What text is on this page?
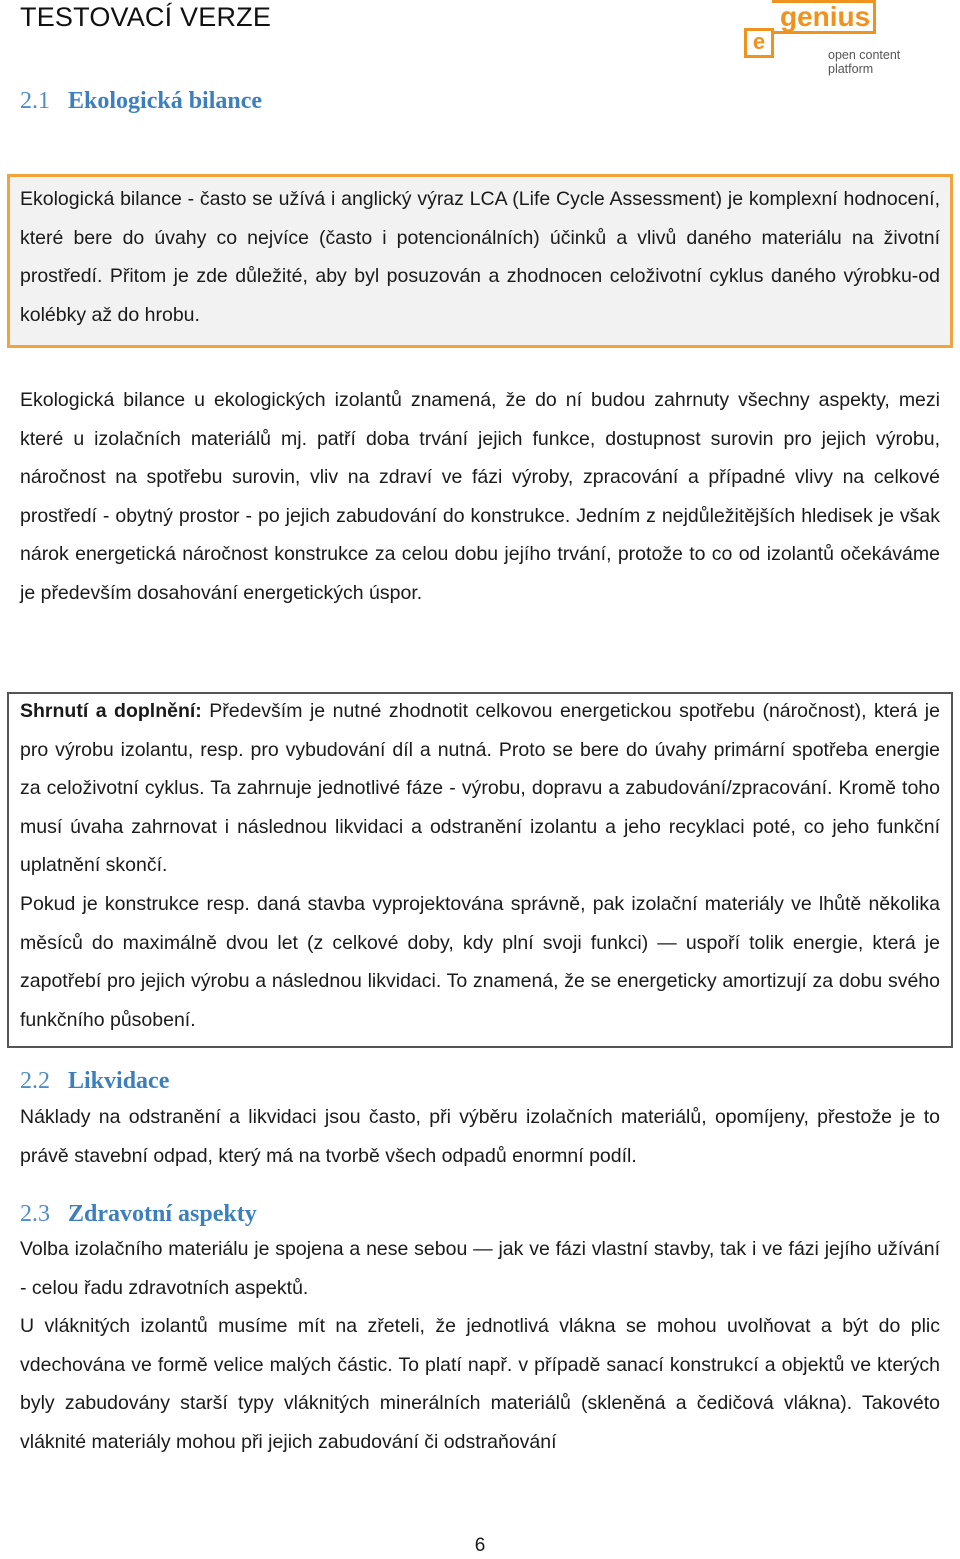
TESTOVACÍ VERZE	genius
e
open content
platform
2.1 Ekologická bilance

Ekologická bilance - často se užívá i anglický výraz LCA (Life Cycle Assessment) je komplexní hodnocení, které bere do úvahy co nejvíce (často i potencionálních) účinků a vlivů daného materiálu na životní prostředí. Přitom je zde důležité, aby byl posuzován a zhodnocen celoživotní cyklus daného výrobku-od kolébky až do hrobu.

Ekologická bilance u ekologických izolantů znamená, že do ní budou zahrnuty všechny aspekty, mezi které u izolačních materiálů mj. patří doba trvání jejich funkce, dostupnost surovin pro jejich výrobu, náročnost na spotřebu surovin, vliv na zdraví ve fázi výroby, zpracování a případné vlivy na celkové prostředí - obytný prostor - po jejich zabudování do konstrukce. Jedním z nejdůležitějších hledisek je však nárok energetická náročnost konstrukce za celou dobu jejího trvání, protože to co od izolantů očekáváme je především dosahování energetických úspor.

Shrnutí a doplnění: Především je nutné zhodnotit celkovou energetickou spotřebu (náročnost), která je pro výrobu izolantu, resp. pro vybudování díl a nutná. Proto se bere do úvahy primární spotřeba energie za celoživotní cyklus. Ta zahrnuje jednotlivé fáze - výrobu, dopravu a zabudování/zpracování. Kromě toho musí úvaha zahrnovat i následnou likvidaci a odstranění izolantu a jeho recyklaci poté, co jeho funkční uplatnění skončí.

Pokud je konstrukce resp. daná stavba vyprojektována správně, pak izolační materiály ve lhůtě několika měsíců do maximálně dvou let (z celkové doby, kdy plní svoji funkci) — uspoří tolik energie, která je zapotřebí pro jejich výrobu a následnou likvidaci. To znamená, že se energeticky amortizují za dobu svého funkčního působení.

2.2 Likvidace

Náklady na odstranění a likvidaci jsou často, při výběru izolačních materiálů, opomíjeny, přestože je to právě stavební odpad, který má na tvorbě všech odpadů enormní podíl.

2.3 Zdravotní aspekty

Volba izolačního materiálu je spojena a nese sebou — jak ve fázi vlastní stavby, tak i ve fázi jejího užívání - celou řadu zdravotních aspektů.

U vláknitých izolantů musíme mít na zřeteli, že jednotlivá vlákna se mohou uvolňovat a být do plic vdechována ve formě velice malých částic. To platí např. v případě sanací konstrukcí a objektů ve kterých byly zabudovány starší typy vláknitých minerálních materiálů (skleněná a čedičová vlákna). Takovéto vláknité materiály mohou při jejich zabudování či odstraňování

6
